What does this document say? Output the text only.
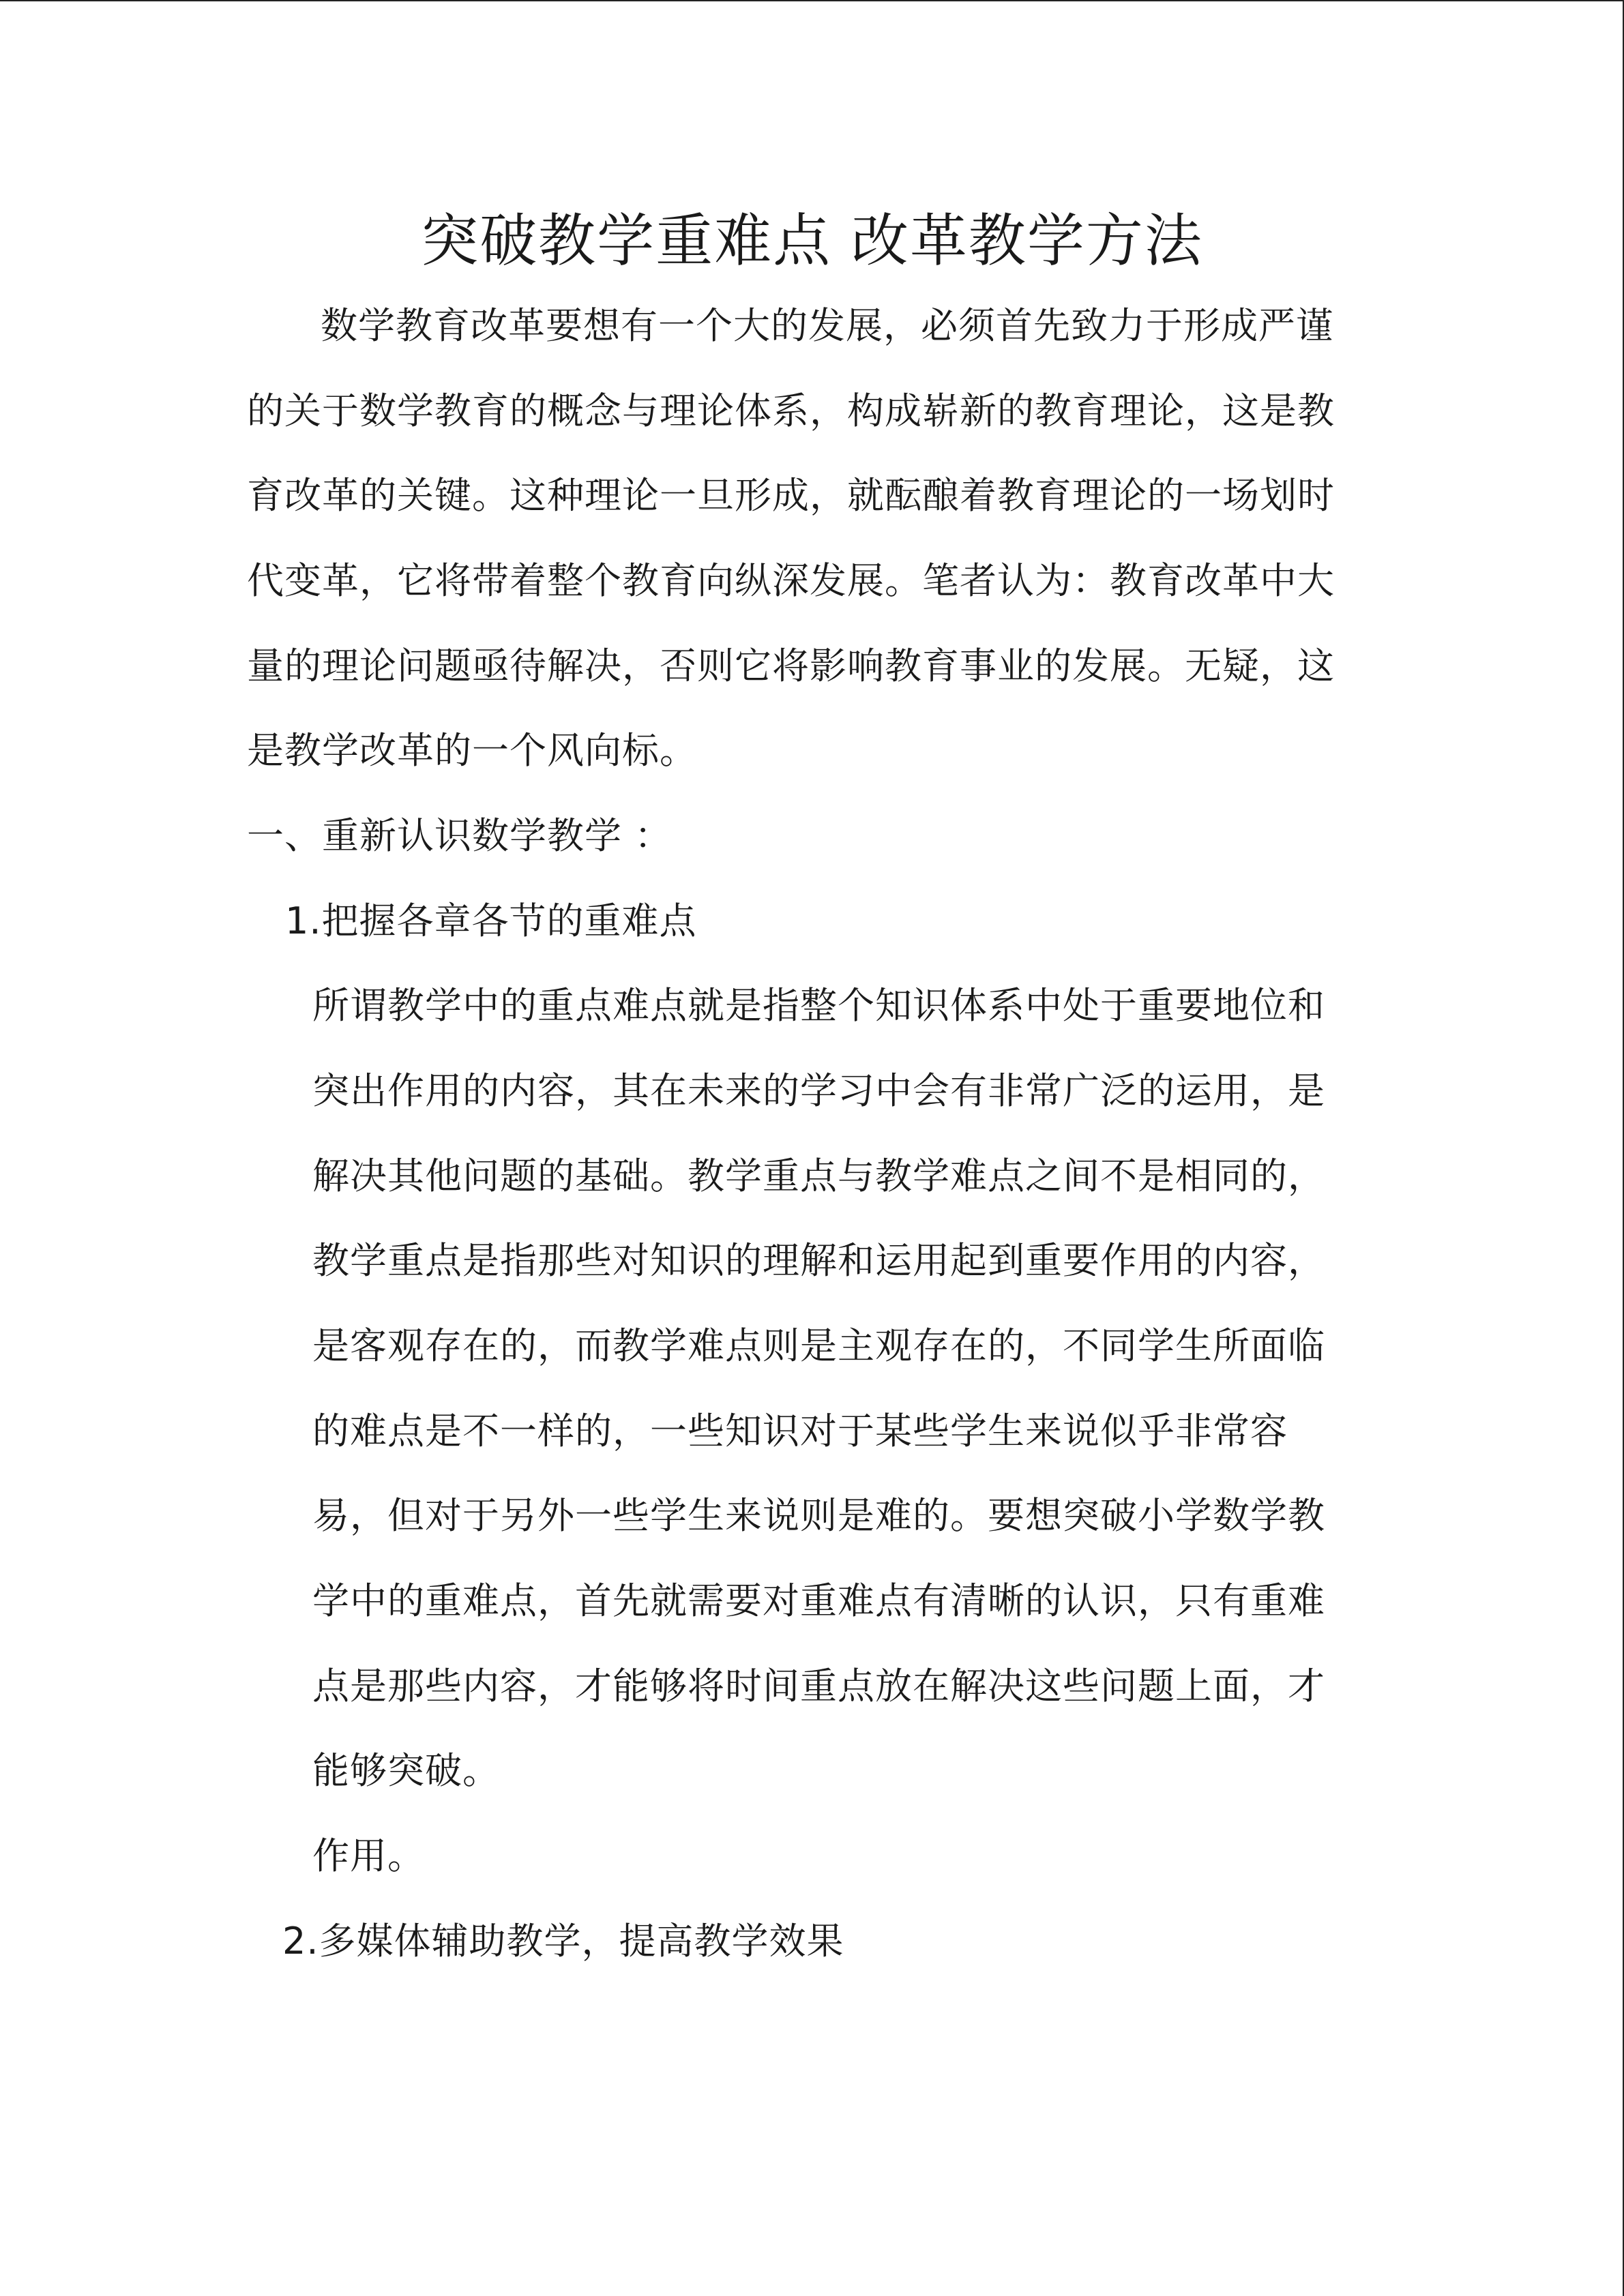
突破教学重难点 改革教学方法
数学教育改革要想有一个大的发展，必须首先致力于形成严谨
的关于数学教育的概念与理论体系，构成崭新的教育理论，这是教
育改革的关键。这种理论一旦形成，就酝酿着教育理论的一场划时
代变革，它将带着整个教育向纵深发展。笔者认为：教育改革中大
量的理论问题亟待解决，否则它将影响教育事业的发展。无疑，这
是教学改革的一个风向标。
一、重新认识数学教学 ：
1.把握各章各节的重难点
所谓教学中的重点难点就是指整个知识体系中处于重要地位和
突出作用的内容，其在未来的学习中会有非常广泛的运用，是
解决其他问题的基础。教学重点与教学难点之间不是相同的，
教学重点是指那些对知识的理解和运用起到重要作用的内容，
是客观存在的，而教学难点则是主观存在的，不同学生所面临
的难点是不一样的，一些知识对于某些学生来说似乎非常容
易，但对于另外一些学生来说则是难的。要想突破小学数学教
学中的重难点，首先就需要对重难点有清晰的认识，只有重难
点是那些内容，才能够将时间重点放在解决这些问题上面，才
能够突破。
作用。
2.多媒体辅助教学，提高教学效果
